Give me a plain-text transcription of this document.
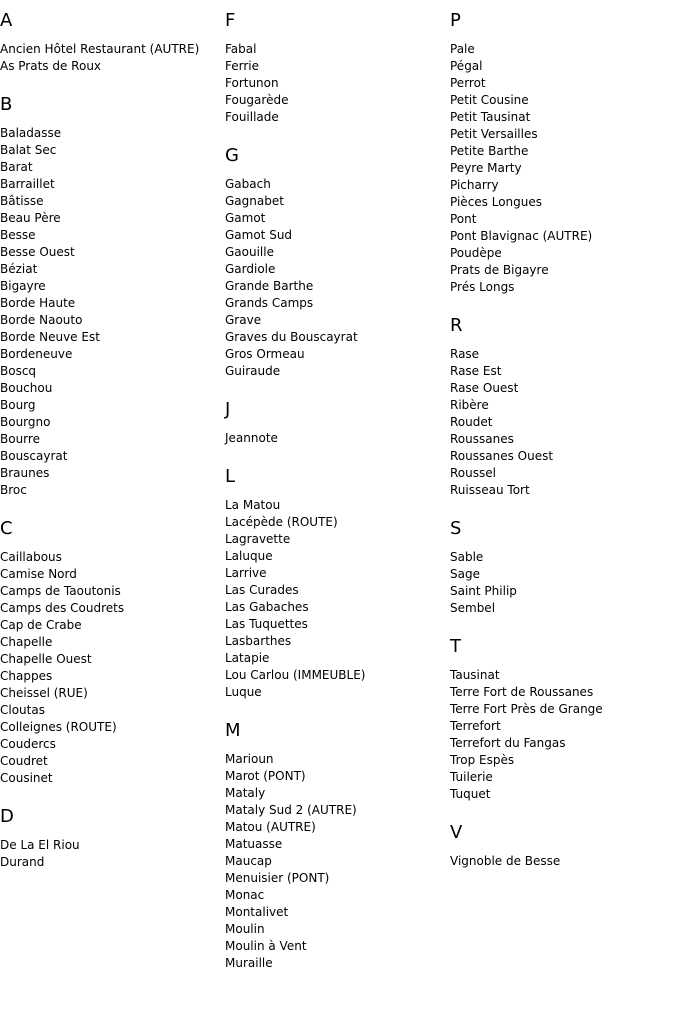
A
Ancien Hôtel Restaurant (AUTRE)
As Prats de Roux
B
Baladasse
Balat Sec
Barat
Barraillet
Bâtisse
Beau Père
Besse
Besse Ouest
Béziat
Bigayre
Borde Haute
Borde Naouto
Borde Neuve Est
Bordeneuve
Boscq
Bouchou
Bourg
Bourgno
Bourre
Bouscayrat
Braunes
Broc
C
Caillabous
Camise Nord
Camps de Taoutonis
Camps des Coudrets
Cap de Crabe
Chapelle
Chapelle Ouest
Chappes
Cheissel (RUE)
Cloutas
Colleignes (ROUTE)
Coudercs
Coudret
Cousinet
D
De La El Riou
Durand
F
Fabal
Ferrie
Fortunon
Fougarède
Fouillade
G
Gabach
Gagnabet
Gamot
Gamot Sud
Gaouille
Gardiole
Grande Barthe
Grands Camps
Grave
Graves du Bouscayrat
Gros Ormeau
Guiraude
J
Jeannote
L
La Matou
Lacépède (ROUTE)
Lagravette
Laluque
Larrive
Las Curades
Las Gabaches
Las Tuquettes
Lasbarthes
Latapie
Lou Carlou (IMMEUBLE)
Luque
M
Marioun
Marot (PONT)
Mataly
Mataly Sud 2 (AUTRE)
Matou (AUTRE)
Matuasse
Maucap
Menuisier (PONT)
Monac
Montalivet
Moulin
Moulin à Vent
Muraille
P
Pale
Pégal
Perrot
Petit Cousine
Petit Tausinat
Petit Versailles
Petite Barthe
Peyre Marty
Picharry
Pièces Longues
Pont
Pont Blavignac (AUTRE)
Poudèpe
Prats de Bigayre
Prés Longs
R
Rase
Rase Est
Rase Ouest
Ribère
Roudet
Roussanes
Roussanes Ouest
Roussel
Ruisseau Tort
S
Sable
Sage
Saint Philip
Sembel
T
Tausinat
Terre Fort de Roussanes
Terre Fort Près de Grange
Terrefort
Terrefort du Fangas
Trop Espès
Tuilerie
Tuquet
V
Vignoble de Besse
